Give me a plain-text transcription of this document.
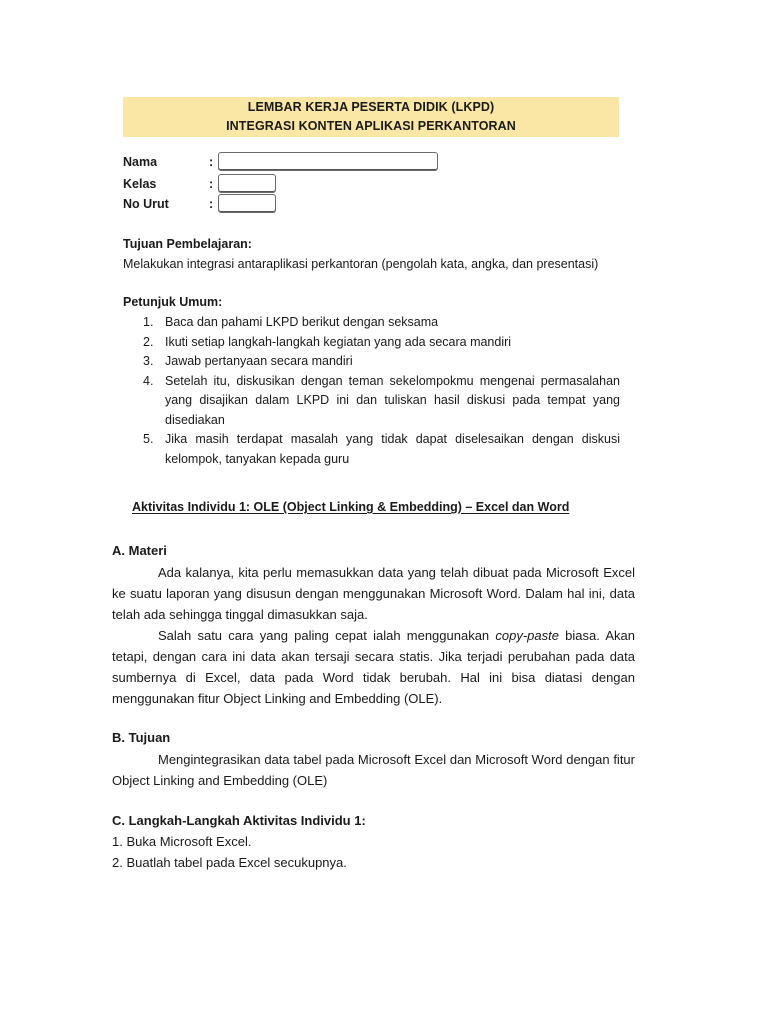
LEMBAR KERJA PESERTA DIDIK (LKPD)
INTEGRASI KONTEN APLIKASI PERKANTORAN
Nama	:
Kelas	:
No Urut	:
Tujuan Pembelajaran:
Melakukan integrasi antaraplikasi perkantoran (pengolah kata, angka, dan presentasi)
Petunjuk Umum:
1. Baca dan pahami LKPD berikut dengan seksama
2. Ikuti setiap langkah-langkah kegiatan yang ada secara mandiri
3. Jawab pertanyaan secara mandiri
4. Setelah itu, diskusikan dengan teman sekelompokmu mengenai permasalahan yang disajikan dalam LKPD ini dan tuliskan hasil diskusi pada tempat yang disediakan
5. Jika masih terdapat masalah yang tidak dapat diselesaikan dengan diskusi kelompok, tanyakan kepada guru
Aktivitas Individu 1: OLE (Object Linking & Embedding) – Excel dan Word
A. Materi
Ada kalanya, kita perlu memasukkan data yang telah dibuat pada Microsoft Excel ke suatu laporan yang disusun dengan menggunakan Microsoft Word. Dalam hal ini, data telah ada sehingga tinggal dimasukkan saja.
Salah satu cara yang paling cepat ialah menggunakan copy-paste biasa. Akan tetapi, dengan cara ini data akan tersaji secara statis. Jika terjadi perubahan pada data sumbernya di Excel, data pada Word tidak berubah. Hal ini bisa diatasi dengan menggunakan fitur Object Linking and Embedding (OLE).
B. Tujuan
Mengintegrasikan data tabel pada Microsoft Excel dan Microsoft Word dengan fitur Object Linking and Embedding (OLE)
C. Langkah-Langkah Aktivitas Individu 1:
1. Buka Microsoft Excel.
2. Buatlah tabel pada Excel secukupnya.
